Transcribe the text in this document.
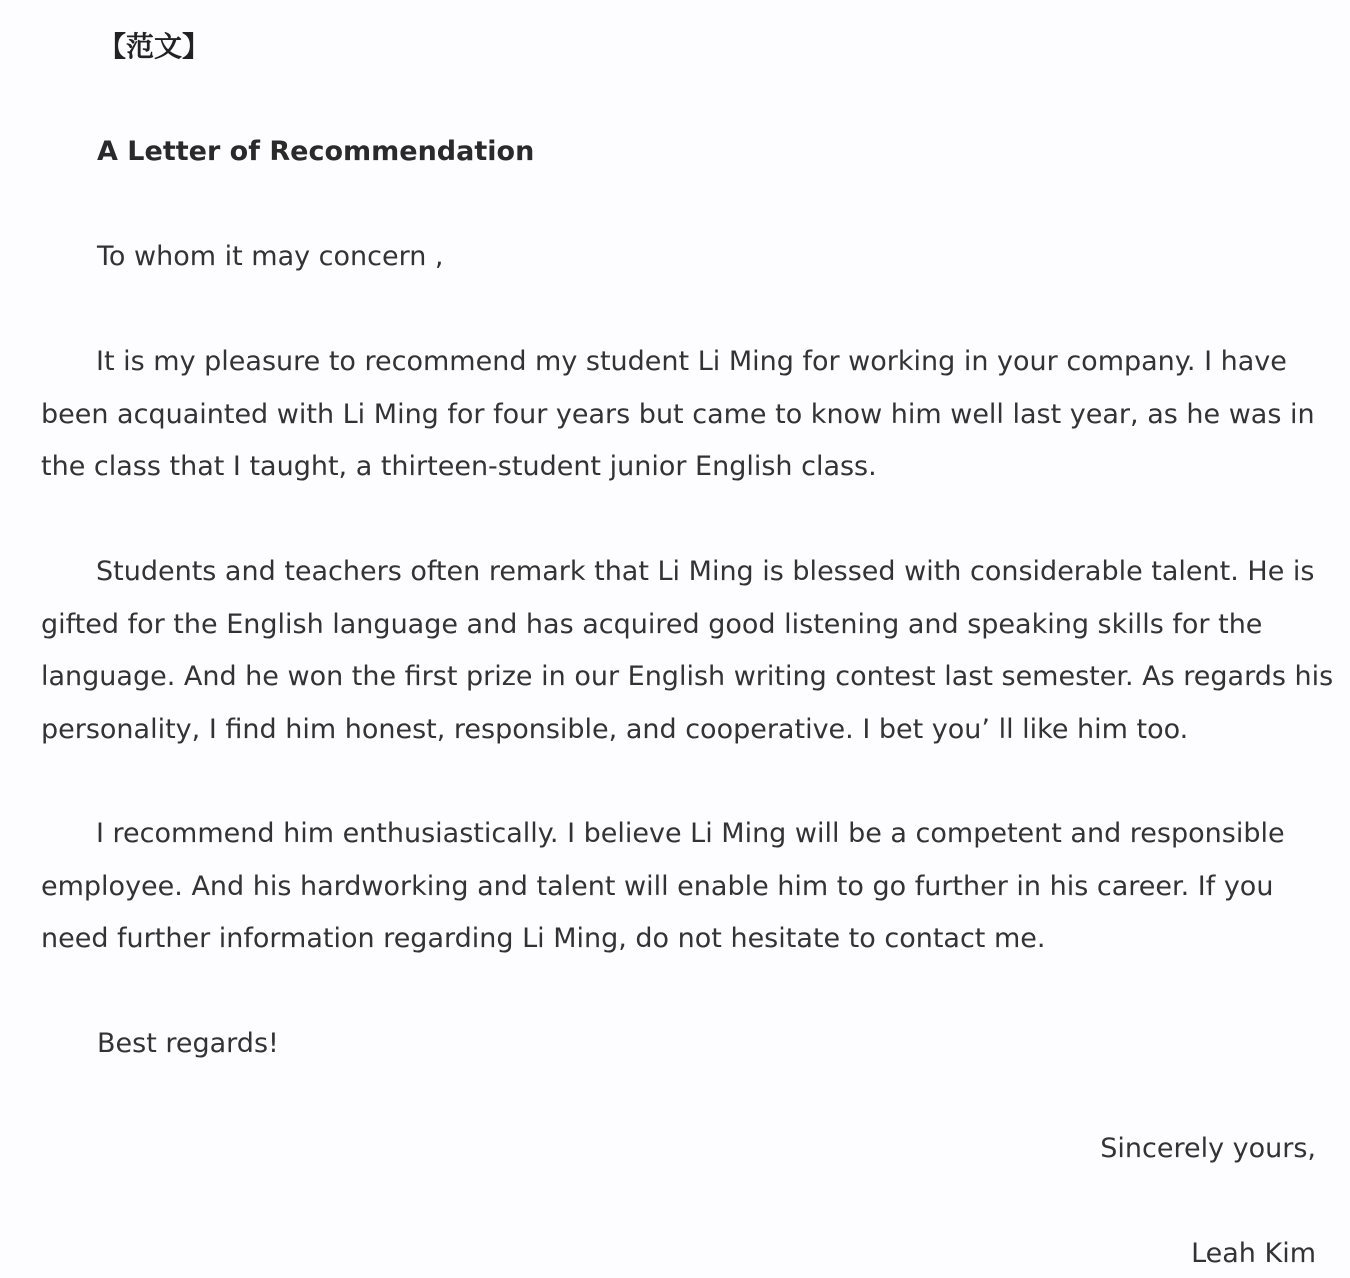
【范文】
A Letter of Recommendation
To whom it may concern ,
It is my pleasure to recommend my student Li Ming for working in your company. I have
been acquainted with Li Ming for four years but came to know him well last year, as he was in
the class that I taught, a thirteen-student junior English class.
Students and teachers often remark that Li Ming is blessed with considerable talent. He is
gifted for the English language and has acquired good listening and speaking skills for the
language. And he won the first prize in our English writing contest last semester. As regards his
personality, I find him honest, responsible, and cooperative. I bet you’ ll like him too.
I recommend him enthusiastically. I believe Li Ming will be a competent and responsible
employee. And his hardworking and talent will enable him to go further in his career. If you
need further information regarding Li Ming, do not hesitate to contact me.
Best regards!
Sincerely yours,
Leah Kim
